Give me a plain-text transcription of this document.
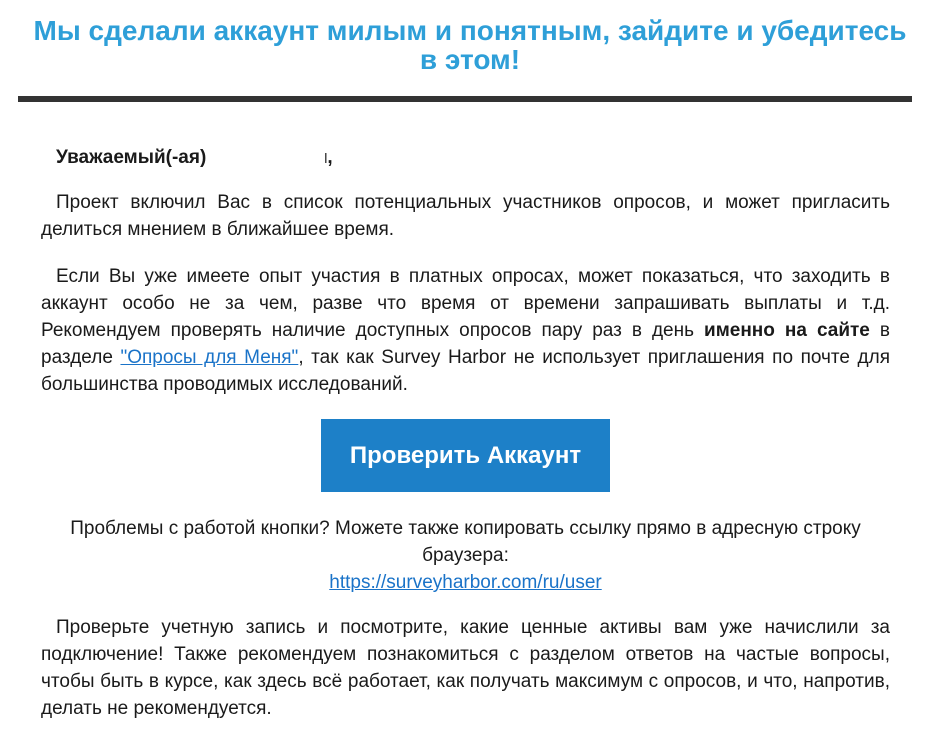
Мы сделали аккаунт милым и понятным, зайдите и убедитесь в этом!
Уважаемый(-ая)	l,

Проект включил Вас в список потенциальных участников опросов, и может пригласить делиться мнением в ближайшее время.

Если Вы уже имеете опыт участия в платных опросах, может показаться, что заходить в аккаунт особо не за чем, разве что время от времени запрашивать выплаты и т.д. Рекомендуем проверять наличие доступных опросов пару раз в день именно на сайте в разделе "Опросы для Меня", так как Survey Harbor не использует приглашения по почте для большинства проводимых исследований.

Проверить Аккаунт
Проблемы с работой кнопки? Можете также копировать ссылку прямо в адресную строку браузера:
https://surveyharbor.com/ru/user

Проверьте учетную запись и посмотрите, какие ценные активы вам уже начислили за подключение! Также рекомендуем познакомиться с разделом ответов на частые вопросы, чтобы быть в курсе, как здесь всё работает, как получать максимум с опросов, и что, напротив, делать не рекомендуется.
